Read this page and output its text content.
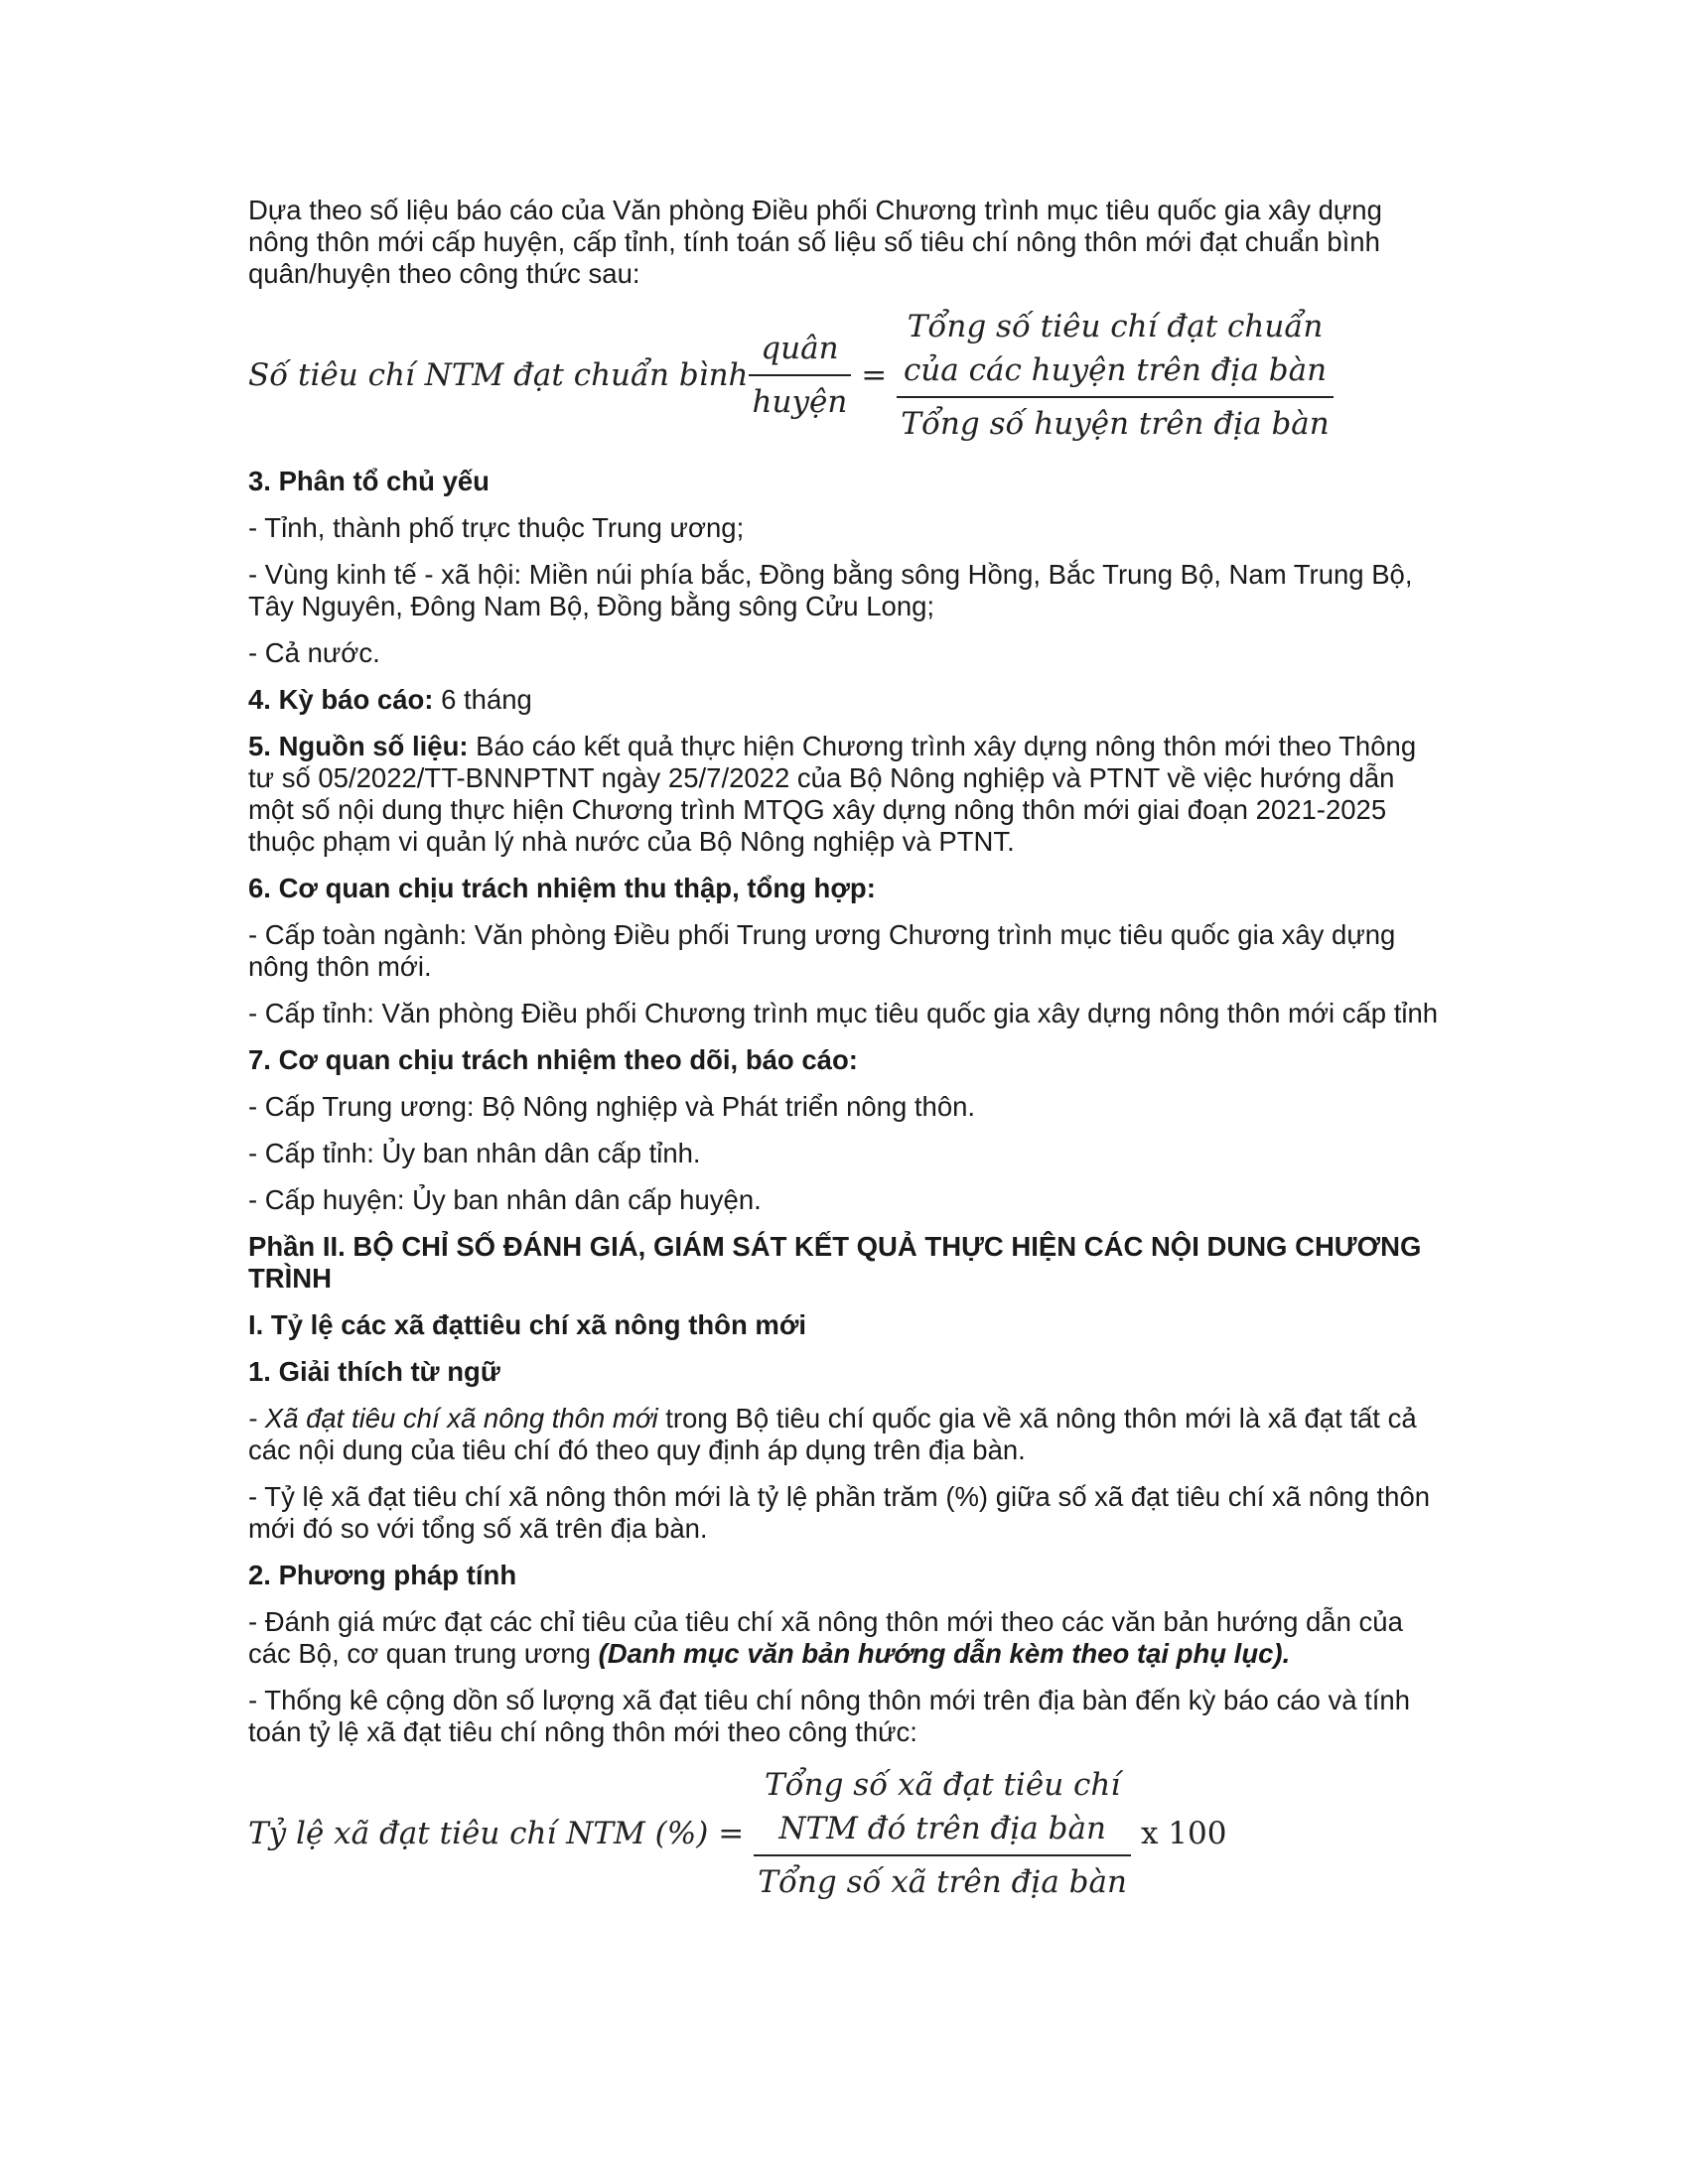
Dựa theo số liệu báo cáo của Văn phòng Điều phối Chương trình mục tiêu quốc gia xây dựng nông thôn mới cấp huyện, cấp tỉnh, tính toán số liệu số tiêu chí nông thôn mới đạt chuẩn bình quân/huyện theo công thức sau:

Số tiêu chí NTM đạt chuẩn bình $\frac{\text{quân}}{\text{huyện}}$ =
Tổng số tiêu chí đạt chuẩn
của các huyện trên địa bàn
Tổng số huyện trên địa bàn

3. Phân tổ chủ yếu

- Tỉnh, thành phố trực thuộc Trung ương;

- Vùng kinh tế - xã hội: Miền núi phía bắc, Đồng bằng sông Hồng, Bắc Trung Bộ, Nam Trung Bộ, Tây Nguyên, Đông Nam Bộ, Đồng bằng sông Cửu Long;

- Cả nước.

4. Kỳ báo cáo: 6 tháng

5. Nguồn số liệu: Báo cáo kết quả thực hiện Chương trình xây dựng nông thôn mới theo Thông tư số 05/2022/TT-BNNPTNT ngày 25/7/2022 của Bộ Nông nghiệp và PTNT về việc hướng dẫn một số nội dung thực hiện Chương trình MTQG xây dựng nông thôn mới giai đoạn 2021-2025 thuộc phạm vi quản lý nhà nước của Bộ Nông nghiệp và PTNT.

6. Cơ quan chịu trách nhiệm thu thập, tổng hợp:

- Cấp toàn ngành: Văn phòng Điều phối Trung ương Chương trình mục tiêu quốc gia xây dựng nông thôn mới.

- Cấp tỉnh: Văn phòng Điều phối Chương trình mục tiêu quốc gia xây dựng nông thôn mới cấp tỉnh

7. Cơ quan chịu trách nhiệm theo dõi, báo cáo:

- Cấp Trung ương: Bộ Nông nghiệp và Phát triển nông thôn.

- Cấp tỉnh: Ủy ban nhân dân cấp tỉnh.

- Cấp huyện: Ủy ban nhân dân cấp huyện.

Phần II. BỘ CHỈ SỐ ĐÁNH GIÁ, GIÁM SÁT KẾT QUẢ THỰC HIỆN CÁC NỘI DUNG CHƯƠNG TRÌNH

I. Tỷ lệ các xã đạttiêu chí xã nông thôn mới

1. Giải thích từ ngữ

- Xã đạt tiêu chí xã nông thôn mới trong Bộ tiêu chí quốc gia về xã nông thôn mới là xã đạt tất cả các nội dung của tiêu chí đó theo quy định áp dụng trên địa bàn.

- Tỷ lệ xã đạt tiêu chí xã nông thôn mới là tỷ lệ phần trăm (%) giữa số xã đạt tiêu chí xã nông thôn mới đó so với tổng số xã trên địa bàn.

2. Phương pháp tính

- Đánh giá mức đạt các chỉ tiêu của tiêu chí xã nông thôn mới theo các văn bản hướng dẫn của các Bộ, cơ quan trung ương (Danh mục văn bản hướng dẫn kèm theo tại phụ lục).

- Thống kê cộng dồn số lượng xã đạt tiêu chí nông thôn mới trên địa bàn đến kỳ báo cáo và tính toán tỷ lệ xã đạt tiêu chí nông thôn mới theo công thức:

Tỷ lệ xã đạt tiêu chí NTM (%) =
Tổng số xã đạt tiêu chí
NTM đó trên địa bàn
Tổng số xã trên địa bàn
x 100
